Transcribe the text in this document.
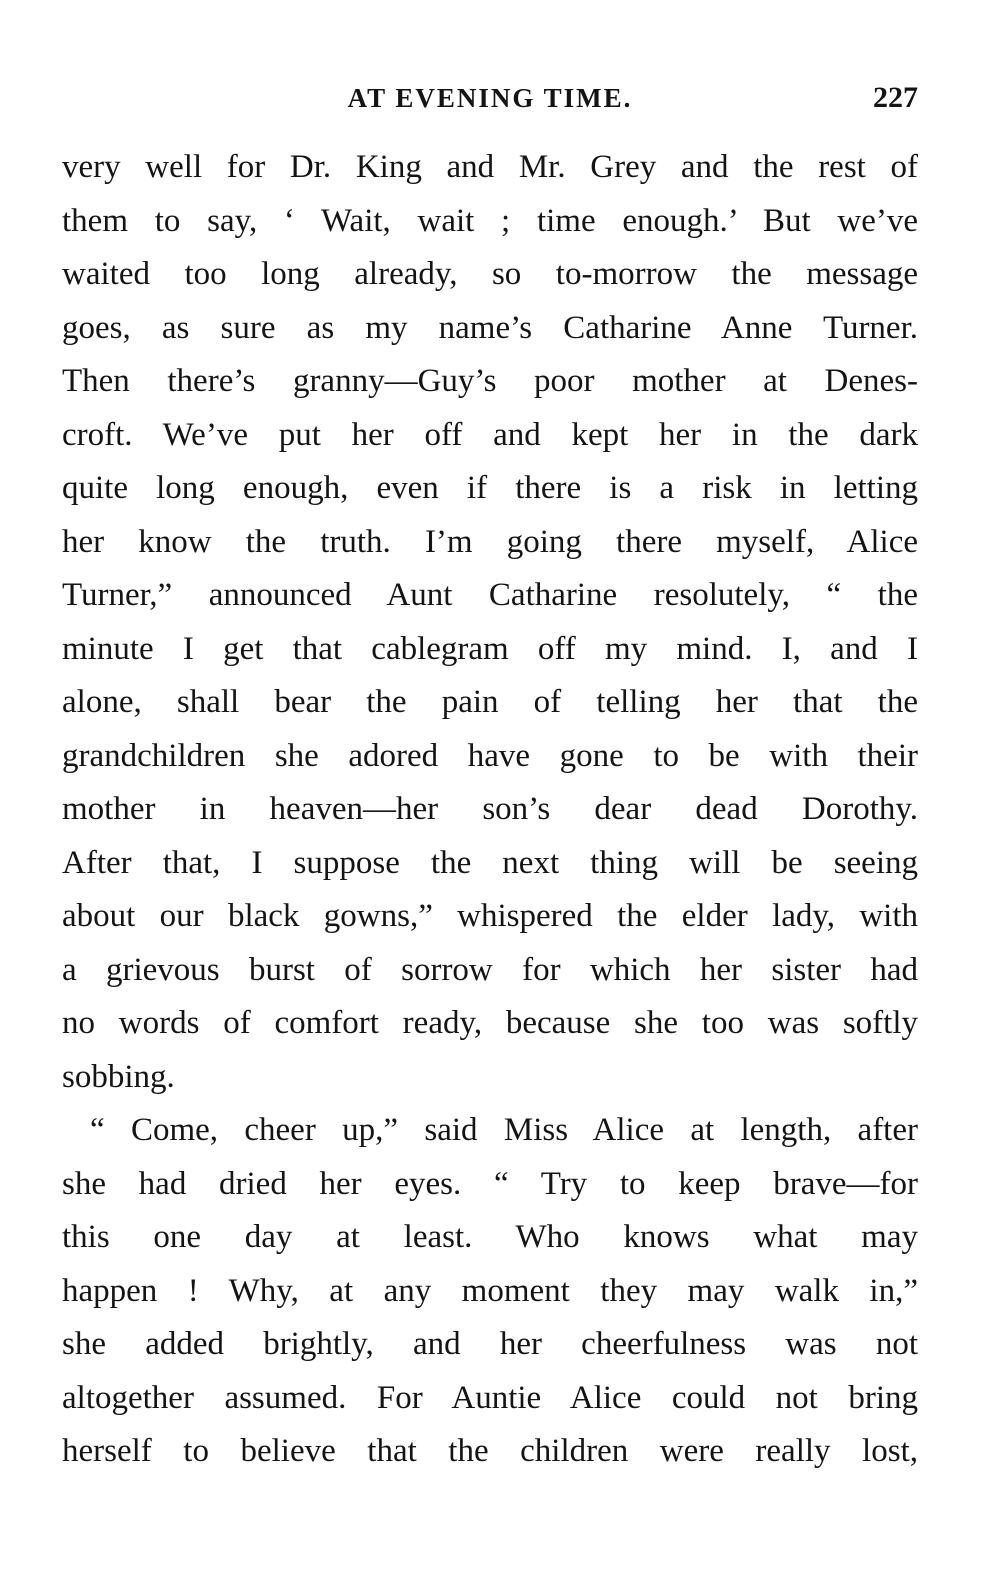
AT EVENING TIME.	227
very well for Dr. King and Mr. Grey and the rest of
them to say, ‘ Wait, wait ; time enough.’ But we’ve
waited too long already, so to-morrow the message
goes, as sure as my name’s Catharine Anne Turner.
Then there’s granny—Guy’s poor mother at Denes-
croft. We’ve put her off and kept her in the dark
quite long enough, even if there is a risk in letting
her know the truth. I’m going there myself, Alice
Turner,” announced Aunt Catharine resolutely, “ the
minute I get that cablegram off my mind. I, and I
alone, shall bear the pain of telling her that the
grandchildren she adored have gone to be with their
mother in heaven—her son’s dear dead Dorothy.
After that, I suppose the next thing will be seeing
about our black gowns,” whispered the elder lady, with
a grievous burst of sorrow for which her sister had
no words of comfort ready, because she too was softly
sobbing.
“ Come, cheer up,” said Miss Alice at length, after
she had dried her eyes. “ Try to keep brave—for
this one day at least. Who knows what may
happen ! Why, at any moment they may walk in,”
she added brightly, and her cheerfulness was not
altogether assumed. For Auntie Alice could not bring
herself to believe that the children were really lost,
